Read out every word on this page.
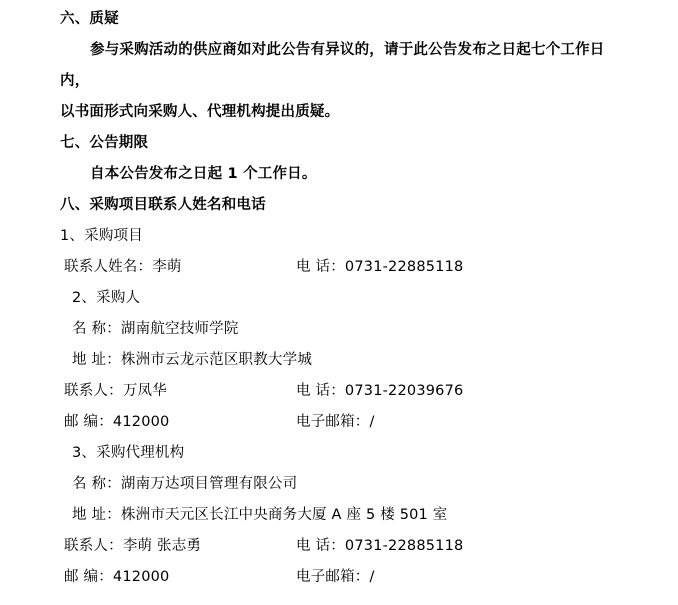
六、质疑
参与采购活动的供应商如对此公告有异议的，请于此公告发布之日起七个工作日内，
以书面形式向采购人、代理机构提出质疑。
七、公告期限
自本公告发布之日起 1 个工作日。
八、采购项目联系人姓名和电话
1、采购项目
联系人姓名：李萌	电 话：0731-22885118
2、采购人
名 称： 湖南航空技师学院
地 址： 株洲市云龙示范区职教大学城
联系人：万凤华	电 话：0731-22039676
邮 编：412000	电子邮箱：/
3、采购代理机构
名 称： 湖南万达项目管理有限公司
地 址： 株洲市天元区长江中央商务大厦 A 座 5 楼 501 室
联系人：李萌 张志勇	电 话：0731-22885118
邮 编：412000	电子邮箱：/
